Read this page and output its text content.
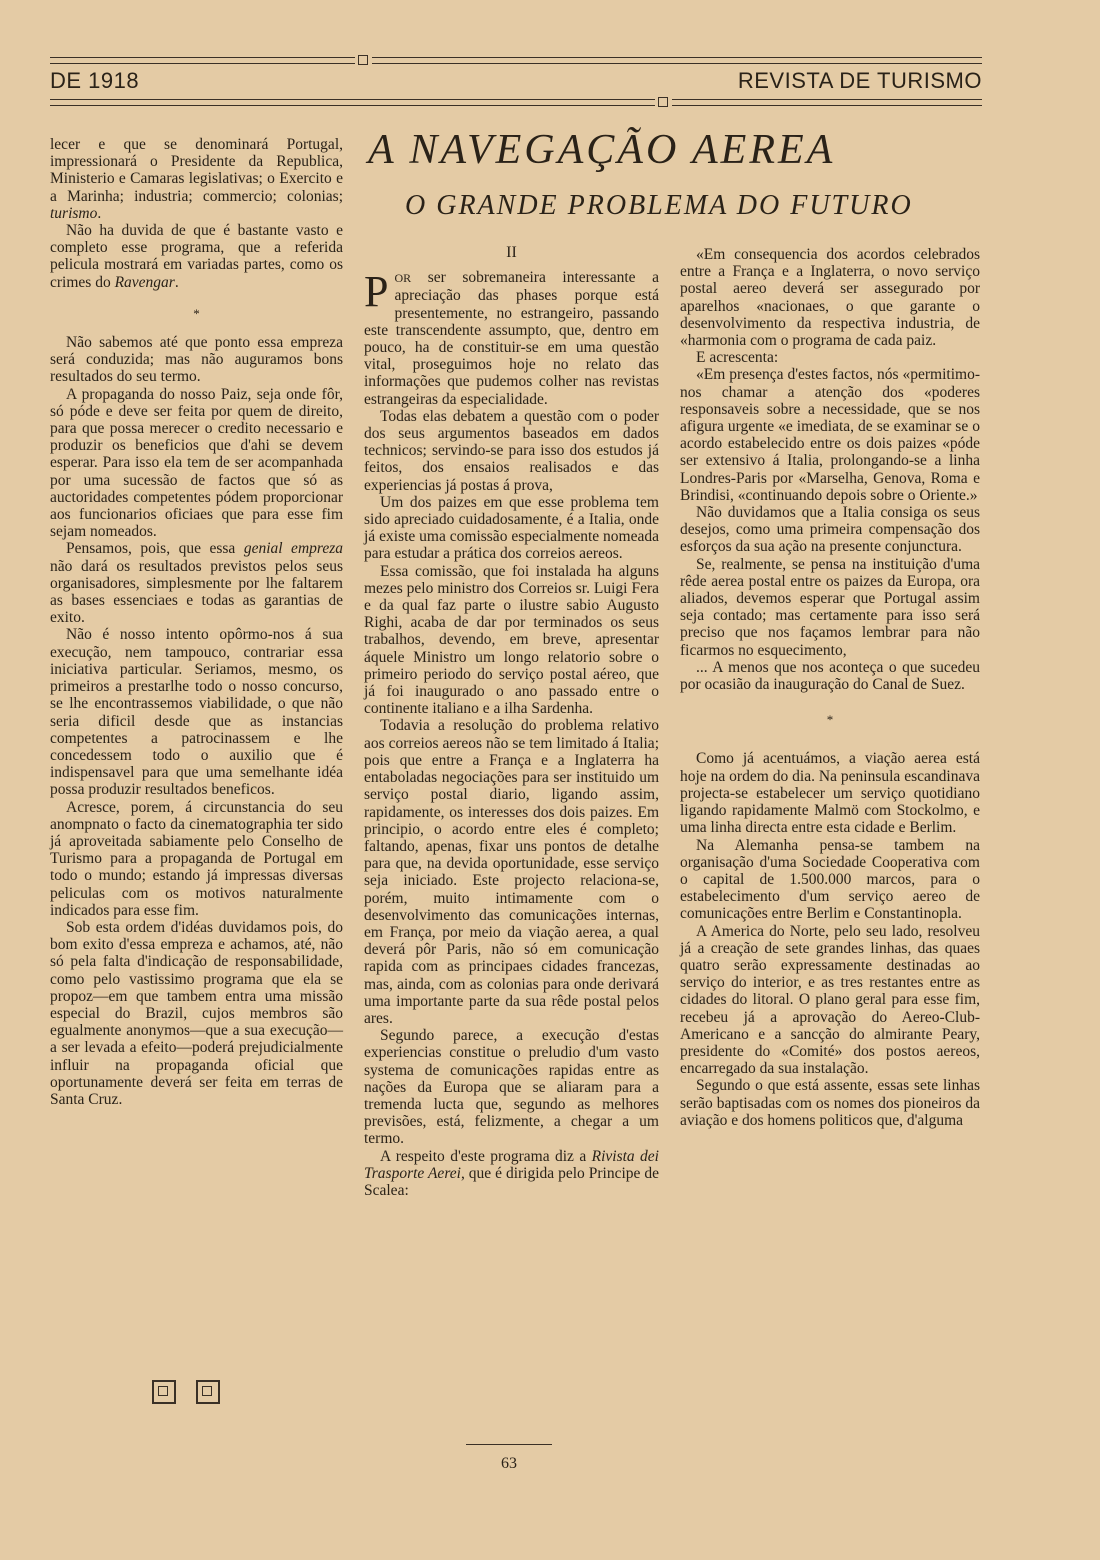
DE 1918	REVISTA DE TURISMO

lecer e que se denominará Portugal, impressionará o Presidente da Republica, Ministerio e Camaras legislativas; o Exercito e a Marinha; industria; commercio; colonias; turismo.

Não ha duvida de que é bastante vasto e completo esse programa, que a referida pelicula mostrará em variadas partes, como os crimes do Ravengar.

*

Não sabemos até que ponto essa empreza será conduzida; mas não auguramos bons resultados do seu termo.

A propaganda do nosso Paiz, seja onde fôr, só póde e deve ser feita por quem de direito, para que possa merecer o credito necessario e produzir os beneficios que d'ahi se devem esperar. Para isso ela tem de ser acompanhada por uma sucessão de factos que só as auctoridades competentes pódem proporcionar aos funcionarios oficiaes que para esse fim sejam nomeados.

Pensamos, pois, que essa genial empreza não dará os resultados previstos pelos seus organisadores, simplesmente por lhe faltarem as bases essenciaes e todas as garantias de exito.

Não é nosso intento opôrmo-nos á sua execução, nem tampouco, contrariar essa iniciativa particular. Seriamos, mesmo, os primeiros a prestarlhe todo o nosso concurso, se lhe encontrassemos viabilidade, o que não seria dificil desde que as instancias competentes a patrocinassem e lhe concedessem todo o auxilio que é indispensavel para que uma semelhante idéa possa produzir resultados beneficos.

Acresce, porem, á circunstancia do seu anompnato o facto da cinematographia ter sido já aproveitada sabiamente pelo Conselho de Turismo para a propaganda de Portugal em todo o mundo; estando já impressas diversas peliculas com os motivos naturalmente indicados para esse fim.

Sob esta ordem d'idéas duvidamos pois, do bom exito d'essa empreza e achamos, até, não só pela falta d'indicação de responsabilidade, como pelo vastissimo programa que ela se propoz—em que tambem entra uma missão especial do Brazil, cujos membros são egualmente anonymos—que a sua execução—a ser levada a efeito—poderá prejudicialmente influir na propaganda oficial que oportunamente deverá ser feita em terras de Santa Cruz.

A NAVEGAÇÃO AEREA
O GRANDE PROBLEMA DO FUTURO
II

POR ser sobremaneira interessante a apreciação das phases porque está presentemente, no estrangeiro, passando este transcendente assumpto, que, dentro em pouco, ha de constituir-se em uma questão vital, proseguimos hoje no relato das informações que pudemos colher nas revistas estrangeiras da especialidade.

Todas elas debatem a questão com o poder dos seus argumentos baseados em dados technicos; servindo-se para isso dos estudos já feitos, dos ensaios realisados e das experiencias já postas á prova,

Um dos paizes em que esse problema tem sido apreciado cuidadosamente, é a Italia, onde já existe uma comissão especialmente nomeada para estudar a prática dos correios aereos.

Essa comissão, que foi instalada ha alguns mezes pelo ministro dos Correios sr. Luigi Fera e da qual faz parte o ilustre sabio Augusto Righi, acaba de dar por terminados os seus trabalhos, devendo, em breve, apresentar áquele Ministro um longo relatorio sobre o primeiro periodo do serviço postal aéreo, que já foi inaugurado o ano passado entre o continente italiano e a ilha Sardenha.

Todavia a resolução do problema relativo aos correios aereos não se tem limitado á Italia; pois que entre a França e a Inglaterra ha entaboladas negociações para ser instituido um serviço postal diario, ligando assim, rapidamente, os interesses dos dois paizes. Em principio, o acordo entre eles é completo; faltando, apenas, fixar uns pontos de detalhe para que, na devida oportunidade, esse serviço seja iniciado. Este projecto relaciona-se, porém, muito intimamente com o desenvolvimento das comunicações internas, em França, por meio da viação aerea, a qual deverá pôr Paris, não só em comunicação rapida com as principaes cidades francezas, mas, ainda, com as colonias para onde derivará uma importante parte da sua rêde postal pelos ares.

Segundo parece, a execução d'estas experiencias constitue o preludio d'um vasto systema de comunicações rapidas entre as nações da Europa que se aliaram para a tremenda lucta que, segundo as melhores previsões, está, felizmente, a chegar a um termo.

A respeito d'este programa diz a Rivista dei Trasporte Aerei, que é dirigida pelo Principe de Scalea:

«Em consequencia dos acordos celebrados entre a França e a Inglaterra, o novo serviço postal aereo deverá ser assegurado por aparelhos «nacionaes, o que garante o desenvolvimento da respectiva industria, de «harmonia com o programa de cada paiz.

E acrescenta:

«Em presença d'estes factos, nós «permitimo-nos chamar a atenção dos «poderes responsaveis sobre a necessidade, que se nos afigura urgente «e imediata, de se examinar se o acordo estabelecido entre os dois paizes «póde ser extensivo á Italia, prolongando-se a linha Londres-Paris por «Marselha, Genova, Roma e Brindisi, «continuando depois sobre o Oriente.»

Não duvidamos que a Italia consiga os seus desejos, como uma primeira compensação dos esforços da sua ação na presente conjunctura.

Se, realmente, se pensa na instituição d'uma rêde aerea postal entre os paizes da Europa, ora aliados, devemos esperar que Portugal assim seja contado; mas certamente para isso será preciso que nos façamos lembrar para não ficarmos no esquecimento,

... A menos que nos aconteça o que sucedeu por ocasião da inauguração do Canal de Suez.

*

Como já acentuámos, a viação aerea está hoje na ordem do dia. Na peninsula escandinava projecta-se estabelecer um serviço quotidiano ligando rapidamente Malmö com Stockolmo, e uma linha directa entre esta cidade e Berlim.

Na Alemanha pensa-se tambem na organisação d'uma Sociedade Cooperativa com o capital de 1.500.000 marcos, para o estabelecimento d'um serviço aereo de comunicações entre Berlim e Constantinopla.

A America do Norte, pelo seu lado, resolveu já a creação de sete grandes linhas, das quaes quatro serão expressamente destinadas ao serviço do interior, e as tres restantes entre as cidades do litoral. O plano geral para esse fim, recebeu já a aprovação do Aereo-Club-Americano e a sancção do almirante Peary, presidente do «Comité» dos postos aereos, encarregado da sua instalação.

Segundo o que está assente, essas sete linhas serão baptisadas com os nomes dos pioneiros da aviação e dos homens politicos que, d'alguma

63
